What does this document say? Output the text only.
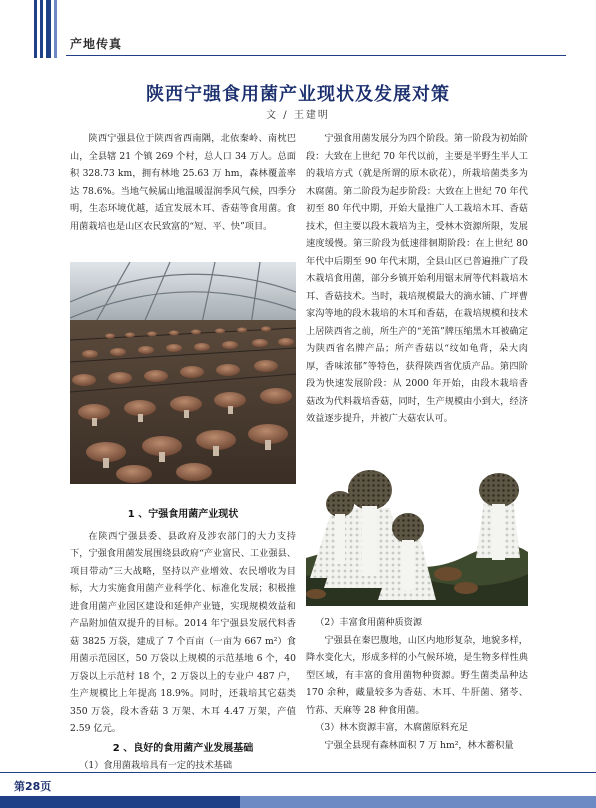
产地传真
陕西宁强食用菌产业现状及发展对策
文 / 王建明

陕西宁强县位于陕西省西南隅，北依秦岭、南枕巴山，全县辖 21 个镇 269 个村，总人口 34 万人。总面积 328.73 km，拥有林地 25.63 万 hm，森林覆盖率达 78.6%。当地气候属山地温暖湿润季风气候，四季分明，生态环境优越，适宜发展木耳、香菇等食用菌。食用菌栽培也是山区农民致富的“短、平、快”项目。

1 、宁强食用菌产业现状

在陕西宁强县委、县政府及涉农部门的大力支持下，宁强食用菌发展围绕县政府“产业富民、工业强县、项目带动”三大战略，坚持以产业增效、农民增收为目标，大力实施食用菌产业科学化、标准化发展；积极推进食用菌产业园区建设和延伸产业链，实现规模效益和产品附加值双提升的目标。2014 年宁强县发展代料香菇 3825 万袋，建成了 7 个百亩（一亩为 667 m²）食用菌示范园区，50 万袋以上规模的示范基地 6 个，40 万袋以上示范村 18 个，2 万袋以上的专业户 487 户，生产规模比上年提高 18.9%。同时，还栽培其它菇类 350 万袋，段木香菇 3 万架、木耳 4.47 万架，产值 2.59 亿元。

2 、良好的食用菌产业发展基础

（1）食用菌栽培具有一定的技术基础

宁强食用菌发展分为四个阶段。第一阶段为初始阶段：大致在上世纪 70 年代以前，主要是半野生半人工的栽培方式（就是所谓的原木砍花），所栽培菌类多为木腐菌。第二阶段为起步阶段：大致在上世纪 70 年代初至 80 年代中期，开始大量推广人工栽培木耳、香菇技术，但主要以段木栽培为主，受林木资源所限，发展速度缓慢。第三阶段为低速徘徊期阶段：在上世纪 80 年代中后期至 90 年代末期，全县山区已普遍推广了段木栽培食用菌，部分乡镇开始利用锯末屑等代料栽培木耳、香菇技术。当时，栽培规模最大的滴水铺、广坪曹家沟等地的段木栽培的木耳和香菇，在栽培规模和技术上居陕西省之前，所生产的“羌笛”牌压缩黑木耳被确定为陕西省名牌产品；所产香菇以“纹如龟背，朵大肉厚，香味浓郁”等特色，获得陕西省优质产品。第四阶段为快速发展阶段：从 2000 年开始，由段木栽培香菇改为代料栽培香菇，同时，生产规模由小到大，经济效益逐步提升，并被广大菇农认可。

（2）丰富食用菌种质资源

宁强县在秦巴腹地，山区内地形复杂，地貌多样，降水变化大，形成多样的小气候环境，是生物多样性典型区域，有丰富的食用菌物种资源。野生菌类品种达 170 余种，藏量较多为香菇、木耳、牛肝菌、猪苓、竹荪、天麻等 28 种食用菌。

（3）林木资源丰富，木腐菌原料充足

宁强全县现有森林面积 7 万 hm²，林木蓄积量

第28页
